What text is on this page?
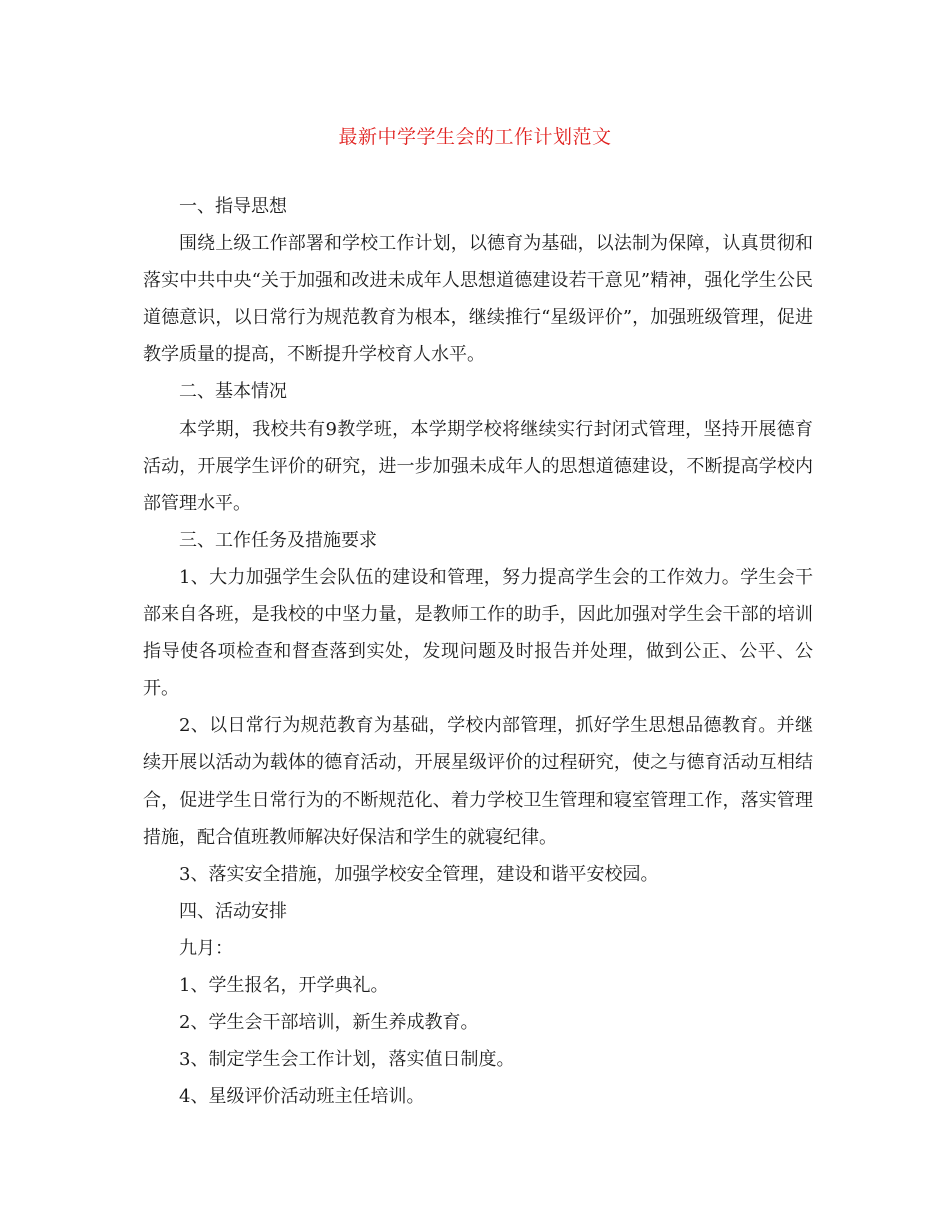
最新中学学生会的工作计划范文

一、指导思想

围绕上级工作部署和学校工作计划，以德育为基础，以法制为保障，认真贯彻和落实中共中央“关于加强和改进未成年人思想道德建设若干意见”精神，强化学生公民道德意识，以日常行为规范教育为根本，继续推行“星级评价”，加强班级管理，促进教学质量的提高，不断提升学校育人水平。

二、基本情况

本学期，我校共有9教学班，本学期学校将继续实行封闭式管理，坚持开展德育活动，开展学生评价的研究，进一步加强未成年人的思想道德建设，不断提高学校内部管理水平。

三、工作任务及措施要求

1、大力加强学生会队伍的建设和管理，努力提高学生会的工作效力。学生会干部来自各班，是我校的中坚力量，是教师工作的助手，因此加强对学生会干部的培训指导使各项检查和督查落到实处，发现问题及时报告并处理，做到公正、公平、公开。

2、以日常行为规范教育为基础，学校内部管理，抓好学生思想品德教育。并继续开展以活动为载体的德育活动，开展星级评价的过程研究，使之与德育活动互相结合，促进学生日常行为的不断规范化、着力学校卫生管理和寝室管理工作，落实管理措施，配合值班教师解决好保洁和学生的就寝纪律。

3、落实安全措施，加强学校安全管理，建设和谐平安校园。

四、活动安排

九月：

1、学生报名，开学典礼。

2、学生会干部培训，新生养成教育。

3、制定学生会工作计划，落实值日制度。

4、星级评价活动班主任培训。
